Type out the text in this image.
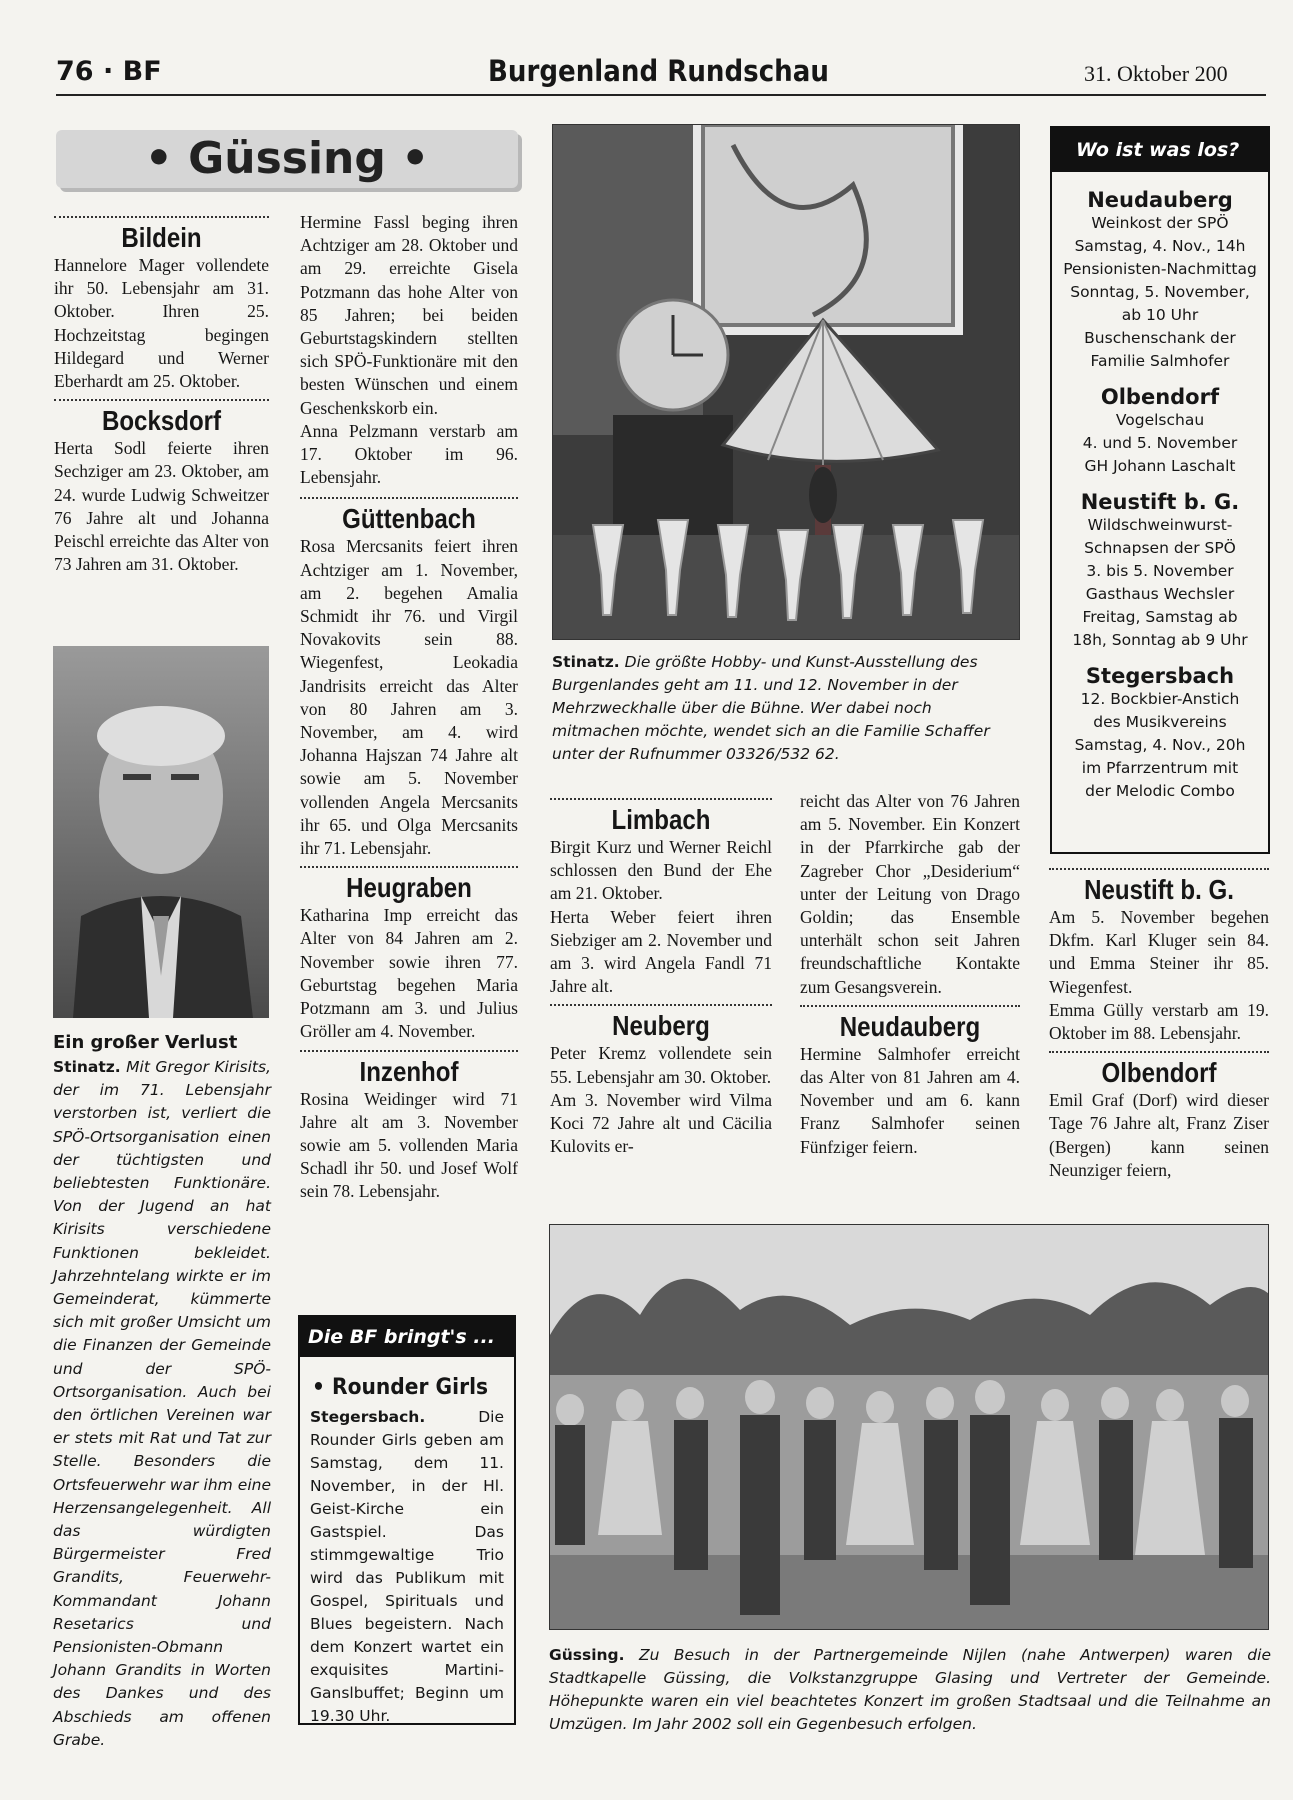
76 · BF	Burgenland Rundschau	31. Oktober 200
• Güssing •
Bildein

Hannelore Mager vollendete ihr 50. Lebensjahr am 31. Oktober. Ihren 25. Hochzeitstag begingen Hildegard und Werner Eberhardt am 25. Oktober.

Bocksdorf

Herta Sodl feierte ihren Sechziger am 23. Oktober, am 24. wurde Ludwig Schweitzer 76 Jahre alt und Johanna Peischl erreichte das Alter von 73 Jahren am 31. Oktober.

Ein großer Verlust

Stinatz. Mit Gregor Kirisits, der im 71. Lebensjahr verstorben ist, verliert die SPÖ-Ortsorganisation einen der tüchtigsten und beliebtesten Funktionäre. Von der Jugend an hat Kirisits verschiedene Funktionen bekleidet. Jahrzehntelang wirkte er im Gemeinderat, kümmerte sich mit großer Umsicht um die Finanzen der Gemeinde und der SPÖ-Ortsorganisation. Auch bei den örtlichen Vereinen war er stets mit Rat und Tat zur Stelle. Besonders die Ortsfeuerwehr war ihm eine Herzensangelegenheit. All das würdigten Bürgermeister Fred Grandits, Feuerwehr-Kommandant Johann Resetarics und Pensionisten-Obmann Johann Grandits in Worten des Dankes und des Abschieds am offenen Grabe.

Hermine Fassl beging ihren Achtziger am 28. Oktober und am 29. erreichte Gisela Potzmann das hohe Alter von 85 Jahren; bei beiden Geburtstagskindern stellten sich SPÖ-Funktionäre mit den besten Wünschen und einem Geschenkskorb ein.

Anna Pelzmann verstarb am 17. Oktober im 96. Lebensjahr.

Güttenbach

Rosa Mercsanits feiert ihren Achtziger am 1. November, am 2. begehen Amalia Schmidt ihr 76. und Virgil Novakovits sein 88. Wiegenfest, Leokadia Jandrisits erreicht das Alter von 80 Jahren am 3. November, am 4. wird Johanna Hajszan 74 Jahre alt sowie am 5. November vollenden Angela Mercsanits ihr 65. und Olga Mercsanits ihr 71. Lebensjahr.

Heugraben

Katharina Imp erreicht das Alter von 84 Jahren am 2. November sowie ihren 77. Geburtstag begehen Maria Potzmann am 3. und Julius Gröller am 4. November.

Inzenhof

Rosina Weidinger wird 71 Jahre alt am 3. November sowie am 5. vollenden Maria Schadl ihr 50. und Josef Wolf sein 78. Lebensjahr.

Die BF bringt's ...
• Rounder Girls

Stegersbach.	Die Rounder Girls geben am Samstag, dem 11. November, in der Hl. Geist-Kirche ein Gastspiel. Das stimmgewaltige Trio wird das Publikum mit Gospel, Spirituals und Blues begeistern. Nach dem Konzert wartet ein exquisites Martini-Ganslbuffet; Beginn um 19.30 Uhr.

Stinatz. Die größte Hobby- und Kunst-Ausstellung des Burgenlandes geht am 11. und 12. November in der Mehrzweckhalle über die Bühne. Wer dabei noch mitmachen möchte, wendet sich an die Familie Schaffer unter der Rufnummer 03326/532 62.

Limbach

Birgit Kurz und Werner Reichl schlossen den Bund der Ehe am 21. Oktober.

Herta Weber feiert ihren Siebziger am 2. November und am 3. wird Angela Fandl 71 Jahre alt.

Neuberg

Peter Kremz vollendete sein 55. Lebensjahr am 30. Oktober.

Am 3. November wird Vilma Koci 72 Jahre alt und Cäcilia Kulovits er-

reicht das Alter von 76 Jahren am 5. November. Ein Konzert in der Pfarrkirche gab der Zagreber Chor „Desiderium“ unter der Leitung von Drago Goldin; das Ensemble unterhält schon seit Jahren freundschaftliche Kontakte zum Gesangsverein.

Neudauberg

Hermine Salmhofer erreicht das Alter von 81 Jahren am 4. November und am 6. kann Franz Salmhofer seinen Fünfziger feiern.

Wo ist was los?

Neudauberg

Weinkost der SPÖ

Samstag, 4. Nov., 14h

Pensionisten-Nachmittag

Sonntag, 5. November,

ab 10 Uhr

Buschenschank der

Familie Salmhofer

Olbendorf

Vogelschau

4. und 5. November

GH Johann Laschalt

Neustift b. G.

Wildschweinwurst-

Schnapsen der SPÖ

3. bis 5. November

Gasthaus Wechsler

Freitag, Samstag ab

18h, Sonntag ab 9 Uhr

Stegersbach

12. Bockbier-Anstich

des Musikvereins

Samstag, 4. Nov., 20h

im Pfarrzentrum mit

der Melodic Combo

Neustift b. G.

Am 5. November begehen Dkfm. Karl Kluger sein 84. und Emma Steiner ihr 85. Wiegenfest.

Emma Gülly verstarb am 19. Oktober im 88. Lebensjahr.

Olbendorf

Emil Graf (Dorf) wird dieser Tage 76 Jahre alt, Franz Ziser (Bergen) kann seinen Neunziger feiern,

Güssing. Zu Besuch in der Partnergemeinde Nijlen (nahe Antwerpen) waren die Stadtkapelle Güssing, die Volkstanzgruppe Glasing und Vertreter der Gemeinde. Höhepunkte waren ein viel beachtetes Konzert im großen Stadtsaal und die Teilnahme an Umzügen. Im Jahr 2002 soll ein Gegenbesuch erfolgen.
